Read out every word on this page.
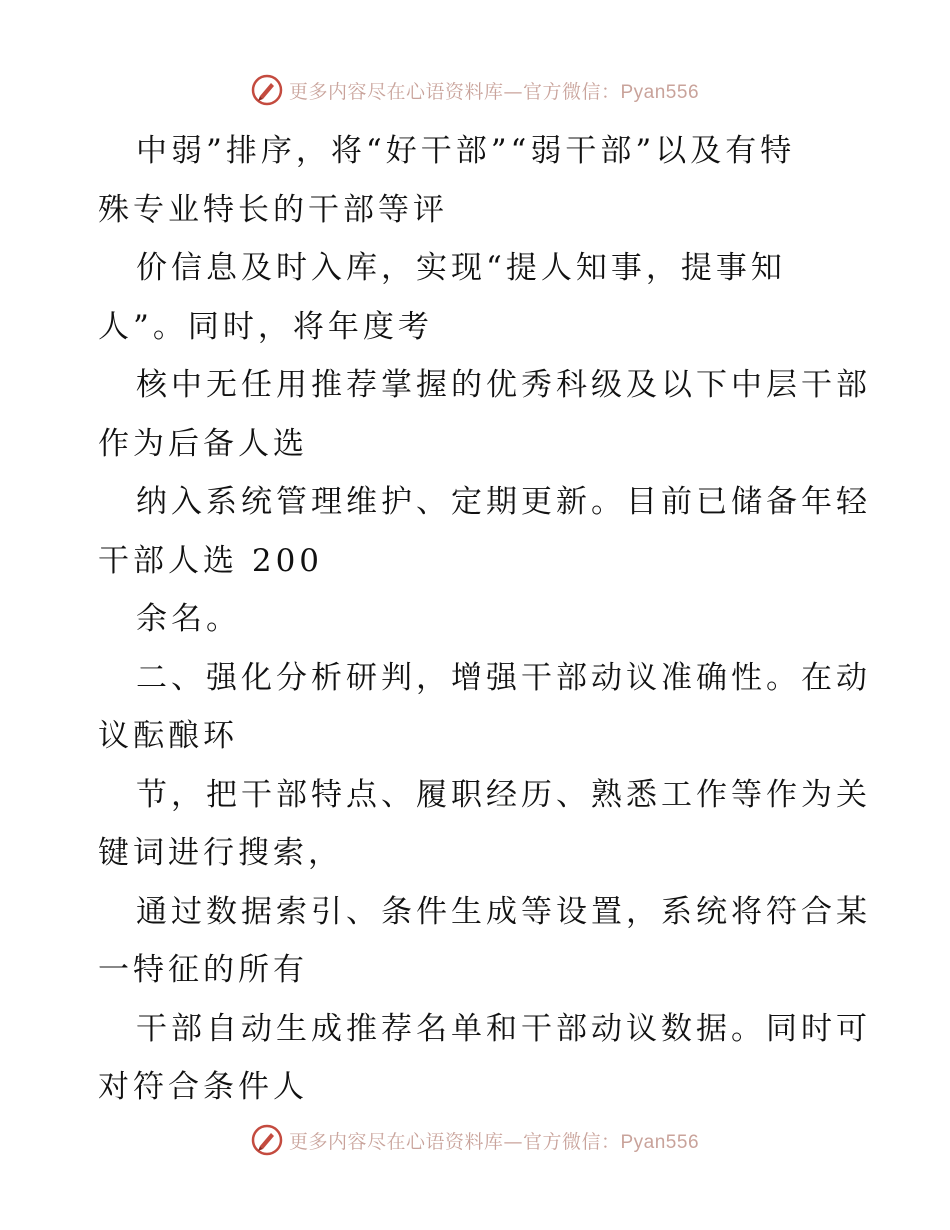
更多内容尽在心语资料库—官方微信：Pyan556
中弱”排序，将“好干部”“弱干部”以及有特
殊专业特长的干部等评
价信息及时入库，实现“提人知事，提事知
人”。同时，将年度考
核中无任用推荐掌握的优秀科级及以下中层干部
作为后备人选
纳入系统管理维护、定期更新。目前已储备年轻
干部人选 200
余名。
二、强化分析研判，增强干部动议准确性。在动
议酝酿环
节，把干部特点、履职经历、熟悉工作等作为关
键词进行搜索，
通过数据索引、条件生成等设置，系统将符合某
一特征的所有
干部自动生成推荐名单和干部动议数据。同时可
对符合条件人
更多内容尽在心语资料库—官方微信：Pyan556
